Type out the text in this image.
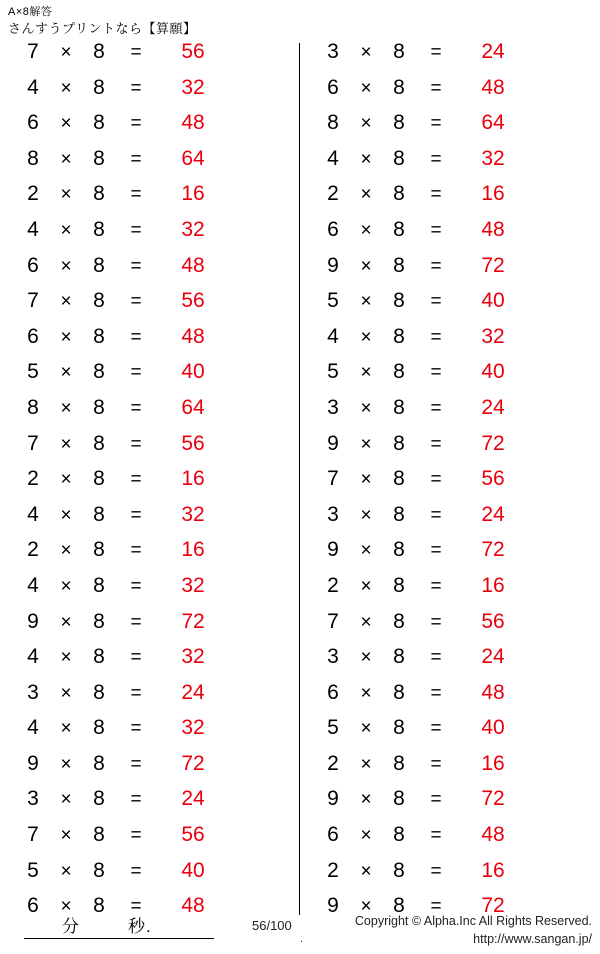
A×8解答
さんすうプリントなら【算願】
7	×	8	=	56
4	×	8	=	32
6	×	8	=	48
8	×	8	=	64
2	×	8	=	16
4	×	8	=	32
6	×	8	=	48
7	×	8	=	56
6	×	8	=	48
5	×	8	=	40
8	×	8	=	64
7	×	8	=	56
2	×	8	=	16
4	×	8	=	32
2	×	8	=	16
4	×	8	=	32
9	×	8	=	72
4	×	8	=	32
3	×	8	=	24
4	×	8	=	32
9	×	8	=	72
3	×	8	=	24
7	×	8	=	56
5	×	8	=	40
6	×	8	=	48
3	×	8	=	24
6	×	8	=	48
8	×	8	=	64
4	×	8	=	32
2	×	8	=	16
6	×	8	=	48
9	×	8	=	72
5	×	8	=	40
4	×	8	=	32
5	×	8	=	40
3	×	8	=	24
9	×	8	=	72
7	×	8	=	56
3	×	8	=	24
9	×	8	=	72
2	×	8	=	16
7	×	8	=	56
3	×	8	=	24
6	×	8	=	48
5	×	8	=	40
2	×	8	=	16
9	×	8	=	72
6	×	8	=	48
2	×	8	=	16
9	×	8	=	72
分	秒.	56/100
.
Copyright © Alpha.Inc All Rights Reserved.
http://www.sangan.jp/
